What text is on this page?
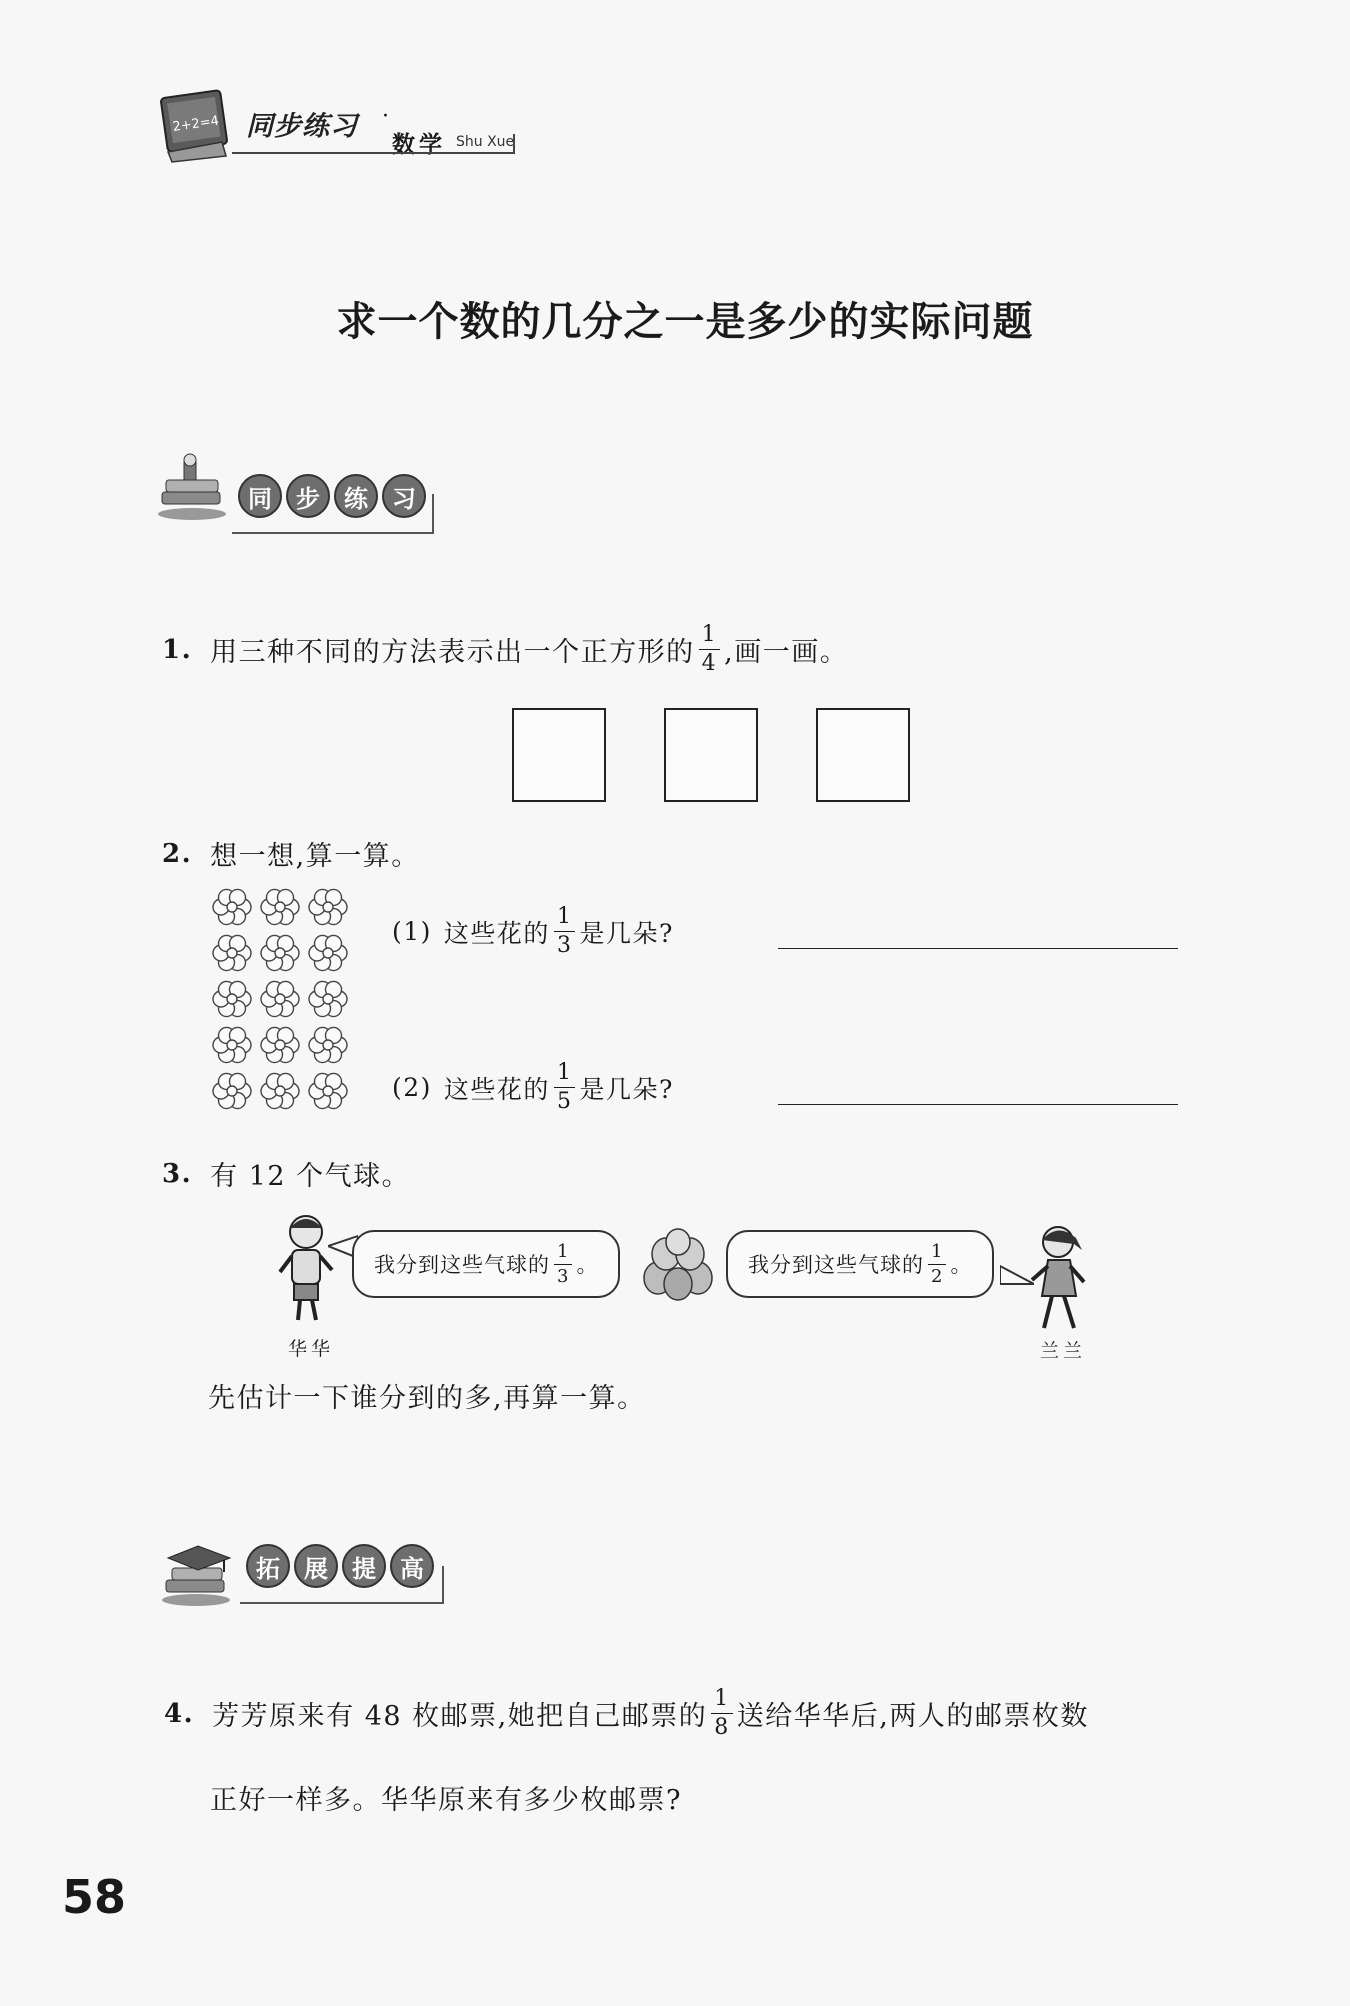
2+2=4 同步练习 ·
数学 Shu Xue
求一个数的几分之一是多少的实际问题
同	步	练	习
1. 用三种不同的方法表示出一个正方形的 $\frac{1}{4}$ ,画一画。
2. 想一想,算一算。
(1) 这些花的 $\frac{1}{3}$ 是几朵?
(2) 这些花的 $\frac{1}{5}$ 是几朵?
3. 有 12 个气球。
华华
我分到这些气球的 $\frac{1}{3}$ 。	我分到这些气球的 $\frac{1}{2}$ 。
兰兰
先估计一下谁分到的多,再算一算。
拓	展	提	高
4. 芳芳原来有 48 枚邮票,她把自己邮票的 $\frac{1}{8}$ 送给华华后,两人的邮票枚数
正好一样多。华华原来有多少枚邮票?
58
